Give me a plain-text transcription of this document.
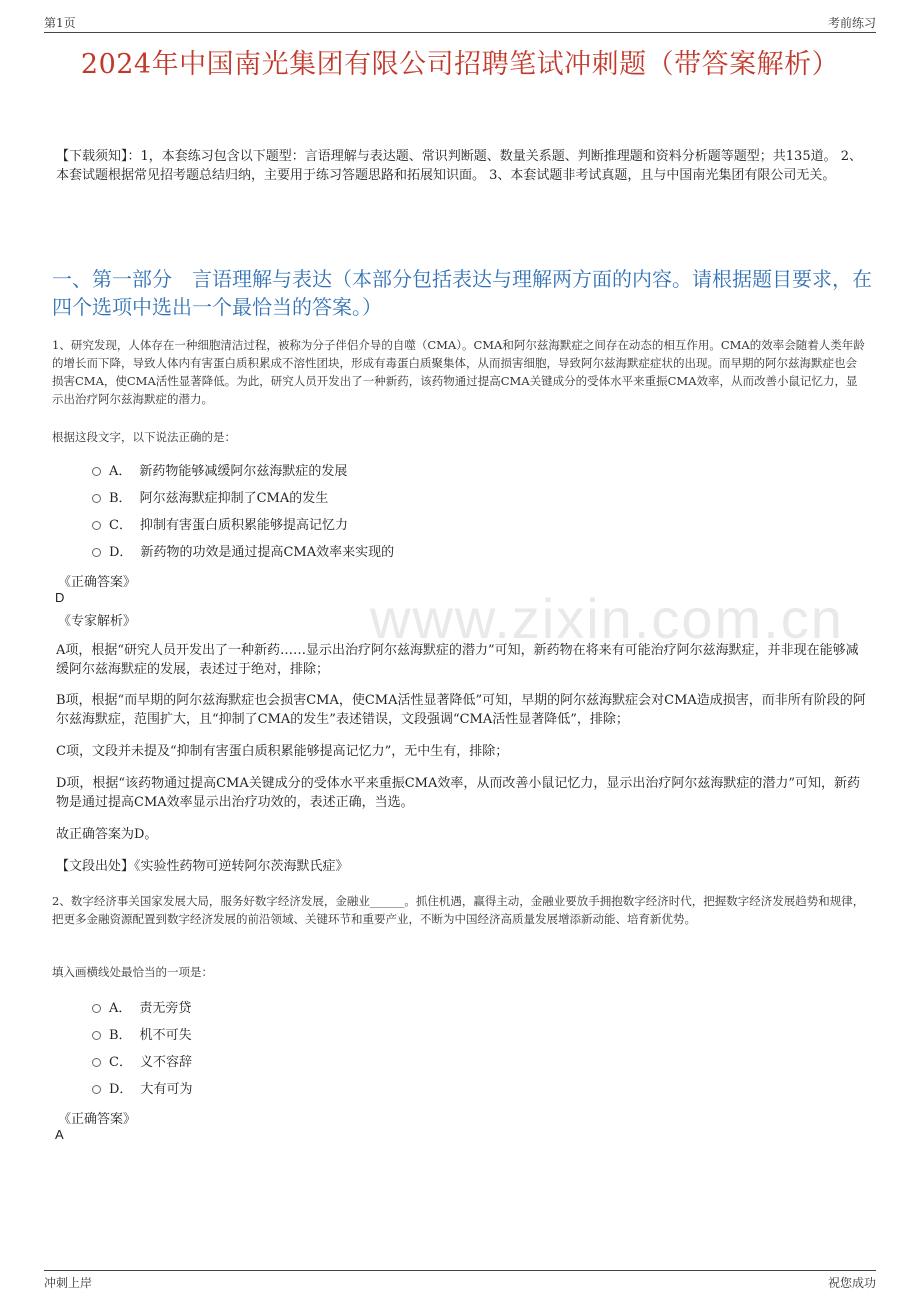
第1页	考前练习
2024年中国南光集团有限公司招聘笔试冲刺题（带答案解析）
【下载须知】：1，本套练习包含以下题型：言语理解与表达题、常识判断题、数量关系题、判断推理题和资料分析题等题型；共135道。 2、本套试题根据常见招考题总结归纳，主要用于练习答题思路和拓展知识面。 3、本套试题非考试真题，且与中国南光集团有限公司无关。
一、第一部分　言语理解与表达（本部分包括表达与理解两方面的内容。请根据题目要求，在四个选项中选出一个最恰当的答案。）
www.zixin.com.cn
1、研究发现，人体存在一种细胞清洁过程，被称为分子伴侣介导的自噬（CMA）。CMA和阿尔兹海默症之间存在动态的相互作用。CMA的效率会随着人类年龄的增长而下降，导致人体内有害蛋白质积累成不溶性团块，形成有毒蛋白质聚集体，从而损害细胞，导致阿尔兹海默症症状的出现。而早期的阿尔兹海默症也会损害CMA，使CMA活性显著降低。为此，研究人员开发出了一种新药，该药物通过提高CMA关键成分的受体水平来重振CMA效率，从而改善小鼠记忆力，显示出治疗阿尔兹海默症的潜力。
根据这段文字，以下说法正确的是：
A． 新药物能够减缓阿尔兹海默症的发展
B． 阿尔兹海默症抑制了CMA的发生
C． 抑制有害蛋白质积累能够提高记忆力
D． 新药物的功效是通过提高CMA效率来实现的
《正确答案》
D
《专家解析》
A项，根据“研究人员开发出了一种新药……显示出治疗阿尔兹海默症的潜力”可知，新药物在将来有可能治疗阿尔兹海默症，并非现在能够减缓阿尔兹海默症的发展，表述过于绝对，排除；
B项，根据“而早期的阿尔兹海默症也会损害CMA，使CMA活性显著降低”可知，早期的阿尔兹海默症会对CMA造成损害，而非所有阶段的阿尔兹海默症，范围扩大，且“抑制了CMA的发生”表述错误，文段强调“CMA活性显著降低”，排除；
C项，文段并未提及“抑制有害蛋白质积累能够提高记忆力”，无中生有，排除；
D项，根据“该药物通过提高CMA关键成分的受体水平来重振CMA效率，从而改善小鼠记忆力，显示出治疗阿尔兹海默症的潜力”可知，新药物是通过提高CMA效率显示出治疗功效的，表述正确，当选。
故正确答案为D。
【文段出处】《实验性药物可逆转阿尔茨海默氏症》
2、数字经济事关国家发展大局，服务好数字经济发展，金融业______。抓住机遇，赢得主动，金融业要放手拥抱数字经济时代，把握数字经济发展趋势和规律，把更多金融资源配置到数字经济发展的前沿领域、关键环节和重要产业，不断为中国经济高质量发展增添新动能、培育新优势。
填入画横线处最恰当的一项是：
A． 责无旁贷
B． 机不可失
C． 义不容辞
D． 大有可为
《正确答案》
A
冲刺上岸	祝您成功
